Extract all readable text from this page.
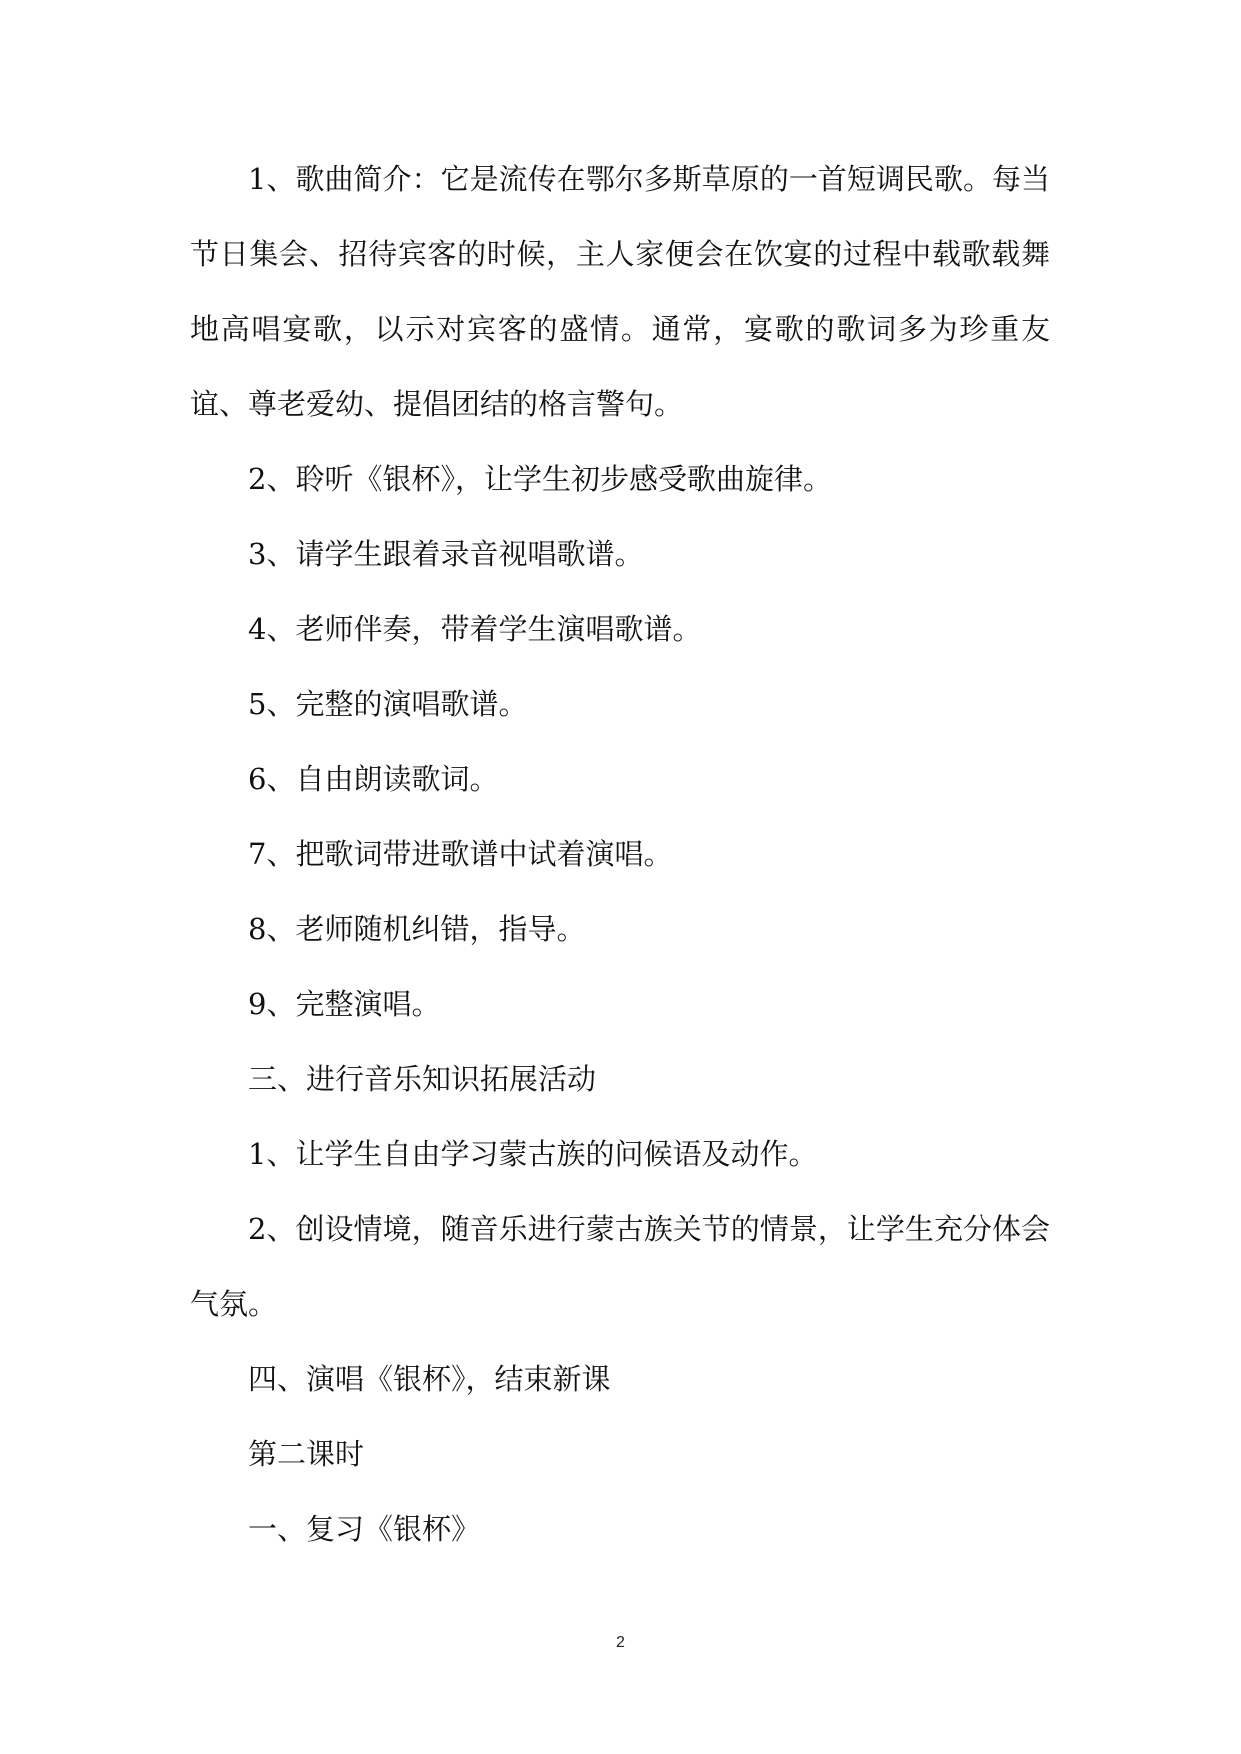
1、歌曲简介：它是流传在鄂尔多斯草原的一首短调民歌。每当节日集会、招待宾客的时候，主人家便会在饮宴的过程中载歌载舞地高唱宴歌，以示对宾客的盛情。通常，宴歌的歌词多为珍重友谊、尊老爱幼、提倡团结的格言警句。

2、聆听《银杯》，让学生初步感受歌曲旋律。

3、请学生跟着录音视唱歌谱。

4、老师伴奏，带着学生演唱歌谱。

5、完整的演唱歌谱。

6、自由朗读歌词。

7、把歌词带进歌谱中试着演唱。

8、老师随机纠错，指导。

9、完整演唱。

三、进行音乐知识拓展活动

1、让学生自由学习蒙古族的问候语及动作。

2、创设情境，随音乐进行蒙古族关节的情景，让学生充分体会气氛。

四、演唱《银杯》，结束新课

第二课时

一、复习《银杯》

2
